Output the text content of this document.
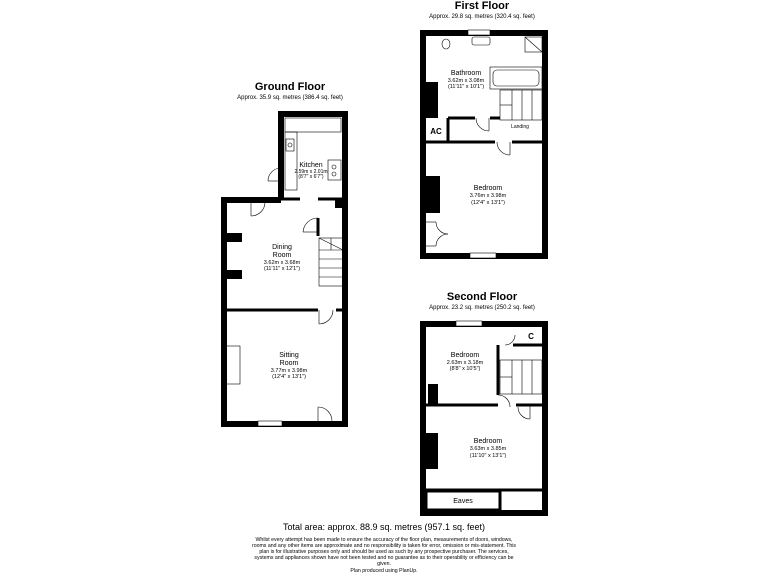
Ground Floor
Approx. 35.9 sq. metres (386.4 sq. feet)
Kitchen
2.59m x 2.01m
(8'7" x 6'7")
Dining
Room
3.62m x 3.68m
(11'11" x 12'1")
Sitting
Room
3.77m x 3.98m
(12'4" x 13'1")
First Floor
Approx. 29.8 sq. metres (320.4 sq. feet)
Bathroom
3.62m x 3.08m
(11'11" x 10'1")
AC	Landing
Bedroom
3.76m x 3.98m
(12'4" x 13'1")
Second Floor
Approx. 23.2 sq. metres (250.2 sq. feet)
Bedroom
2.63m x 3.18m
(8'8" x 10'5")
C
Bedroom
3.63m x 3.85m
(11'10" x 13'1")
Eaves
Total area: approx. 88.9 sq. metres (957.1 sq. feet)
Whilst every attempt has been made to ensure the accuracy of the floor plan, measurements of doors, windows,
rooms and any other items are approximate and no responsibility is taken for error, omission or mis-statement. This
plan is for illustrative purposes only and should be used as such by any prospective purchaser. The services,
systems and appliances shown have not been tested and no guarantee as to their operability or efficiency can be
given.
Plan produced using PlanUp.
